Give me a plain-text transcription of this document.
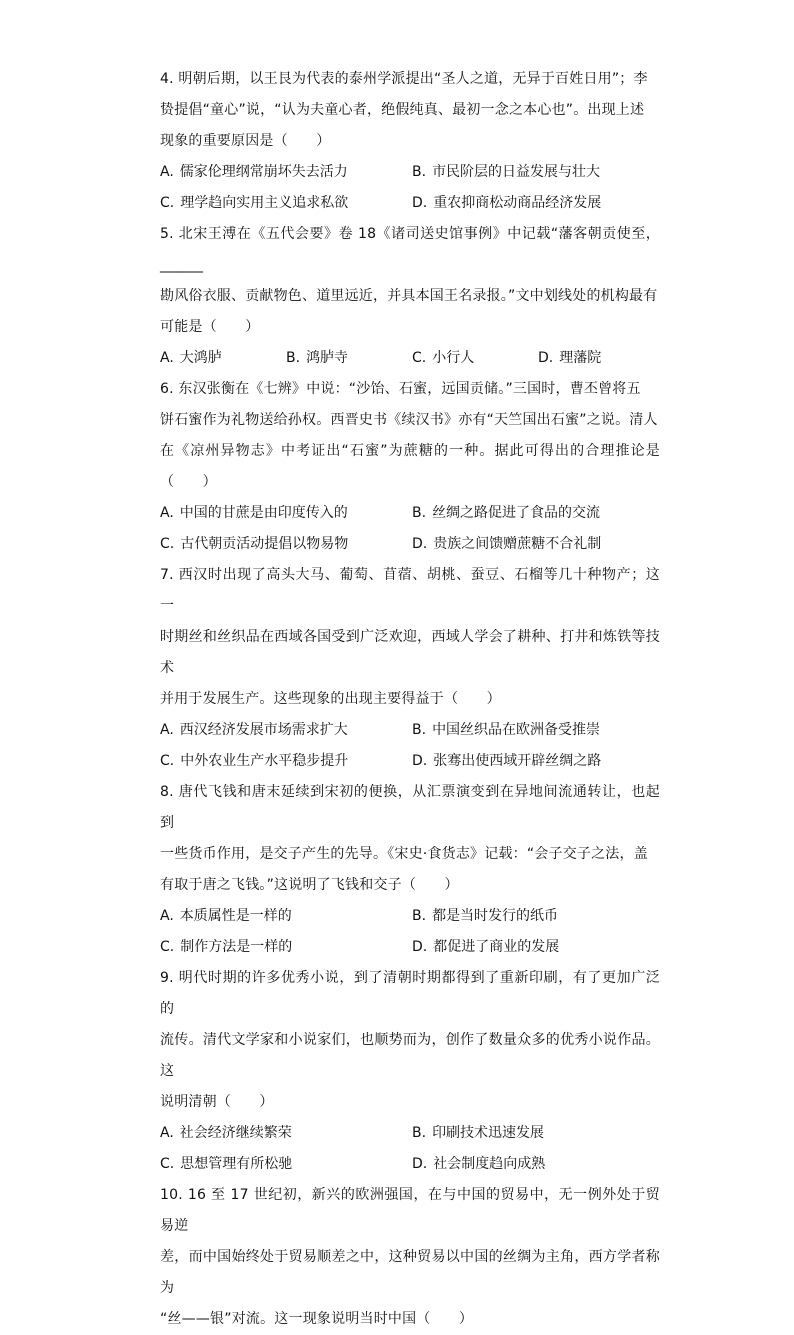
4. 明朝后期，以王艮为代表的泰州学派提出“圣人之道，无异于百姓日用”；李
贽提倡“童心”说，“认为夫童心者，绝假纯真、最初一念之本心也”。出现上述
现象的重要原因是（　　）

A. 儒家伦理纲常崩坏失去活力	B. 市民阶层的日益发展与壮大
C. 理学趋向实用主义追求私欲	D. 重农抑商松动商品经济发展

5. 北宋王溥在《五代会要》卷 18《诸司送史馆事例》中记载“藩客朝贡使至，______
勘风俗衣服、贡献物色、道里远近，并具本国王名录报。”文中划线处的机构最有
可能是（　　）

A. 大鸿胪	B. 鸿胪寺	C. 小行人	D. 理藩院

6. 东汉张衡在《七辨》中说：“沙饴、石蜜，远国贡储。”三国时，曹丕曾将五
饼石蜜作为礼物送给孙权。西晋史书《续汉书》亦有“天竺国出石蜜”之说。清人
在《凉州异物志》中考证出“石蜜”为蔗糖的一种。据此可得出的合理推论是（　　）

A. 中国的甘蔗是由印度传入的	B. 丝绸之路促进了食品的交流
C. 古代朝贡活动提倡以物易物	D. 贵族之间馈赠蔗糖不合礼制

7. 西汉时出现了高头大马、葡萄、苜蓿、胡桃、蚕豆、石榴等几十种物产；这一
时期丝和丝织品在西域各国受到广泛欢迎，西域人学会了耕种、打井和炼铁等技术
并用于发展生产。这些现象的出现主要得益于（　　）

A. 西汉经济发展市场需求扩大	B. 中国丝织品在欧洲备受推崇
C. 中外农业生产水平稳步提升	D. 张骞出使西域开辟丝绸之路

8. 唐代飞钱和唐末延续到宋初的便换，从汇票演变到在异地间流通转让，也起到
一些货币作用，是交子产生的先导。《宋史·食货志》记载：“会子交子之法，盖
有取于唐之飞钱。”这说明了飞钱和交子（　　）

A. 本质属性是一样的	B. 都是当时发行的纸币
C. 制作方法是一样的	D. 都促进了商业的发展

9. 明代时期的许多优秀小说，到了清朝时期都得到了重新印刷，有了更加广泛的
流传。清代文学家和小说家们，也顺势而为，创作了数量众多的优秀小说作品。这
说明清朝（　　）

A. 社会经济继续繁荣	B. 印刷技术迅速发展
C. 思想管理有所松驰	D. 社会制度趋向成熟

10. 16 至 17 世纪初，新兴的欧洲强国，在与中国的贸易中，无一例外处于贸易逆
差，而中国始终处于贸易顺差之中，这种贸易以中国的丝绸为主角，西方学者称为
“丝——银”对流。这一现象说明当时中国（　　）
